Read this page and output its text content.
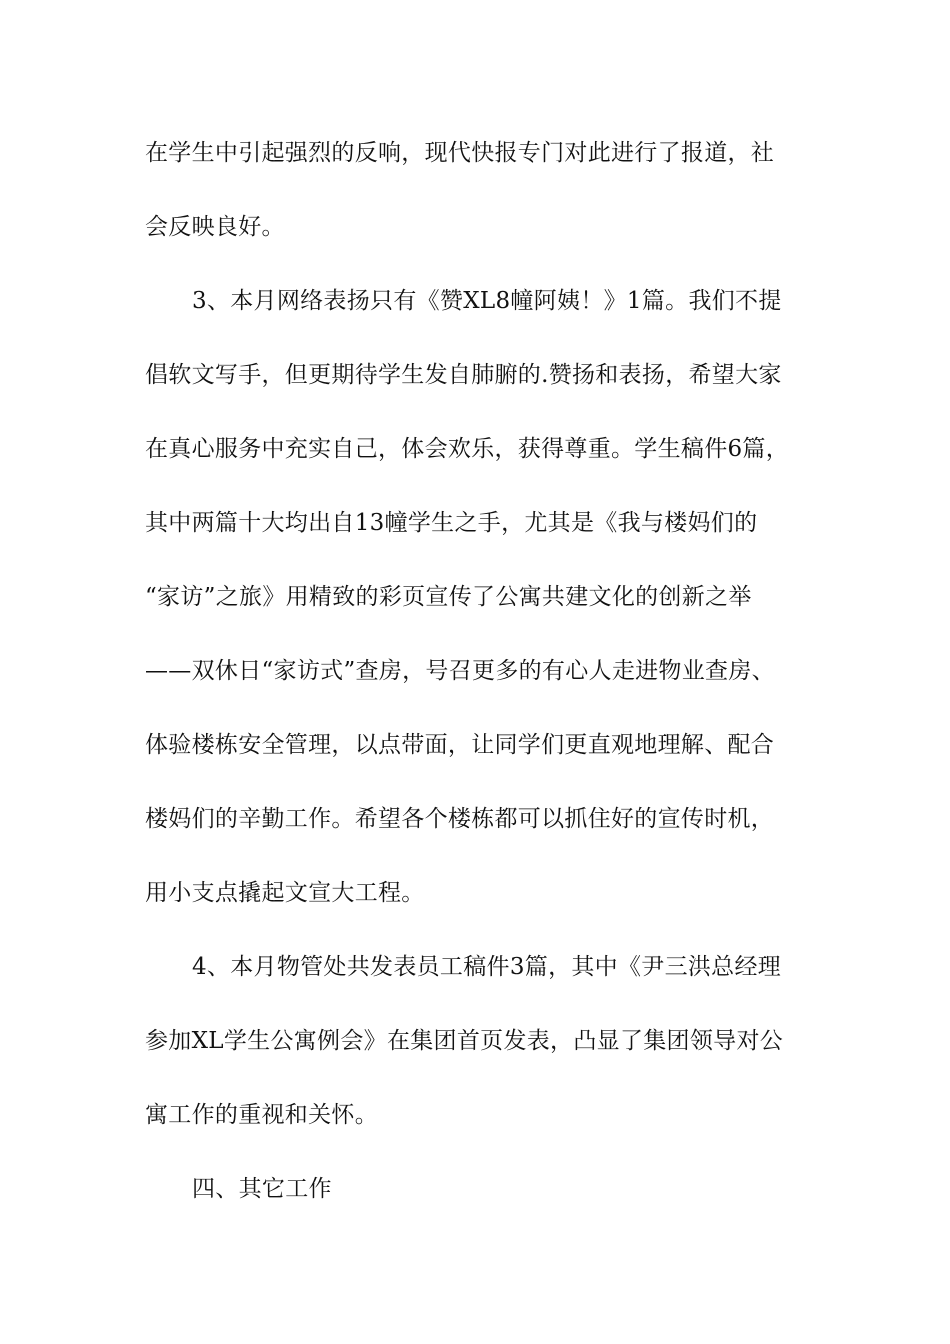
在学生中引起强烈的反响，现代快报专门对此进行了报道，社
会反映良好。
3、本月网络表扬只有《赞XL8幢阿姨！》1篇。我们不提
倡软文写手，但更期待学生发自肺腑的.赞扬和表扬，希望大家
在真心服务中充实自己，体会欢乐，获得尊重。学生稿件6篇，
其中两篇十大均出自13幢学生之手，尤其是《我与楼妈们的
“家访”之旅》用精致的彩页宣传了公寓共建文化的创新之举
——双休日“家访式”查房，号召更多的有心人走进物业查房、
体验楼栋安全管理，以点带面，让同学们更直观地理解、配合
楼妈们的辛勤工作。希望各个楼栋都可以抓住好的宣传时机，
用小支点撬起文宣大工程。
4、本月物管处共发表员工稿件3篇，其中《尹三洪总经理
参加XL学生公寓例会》在集团首页发表，凸显了集团领导对公
寓工作的重视和关怀。
四、其它工作
